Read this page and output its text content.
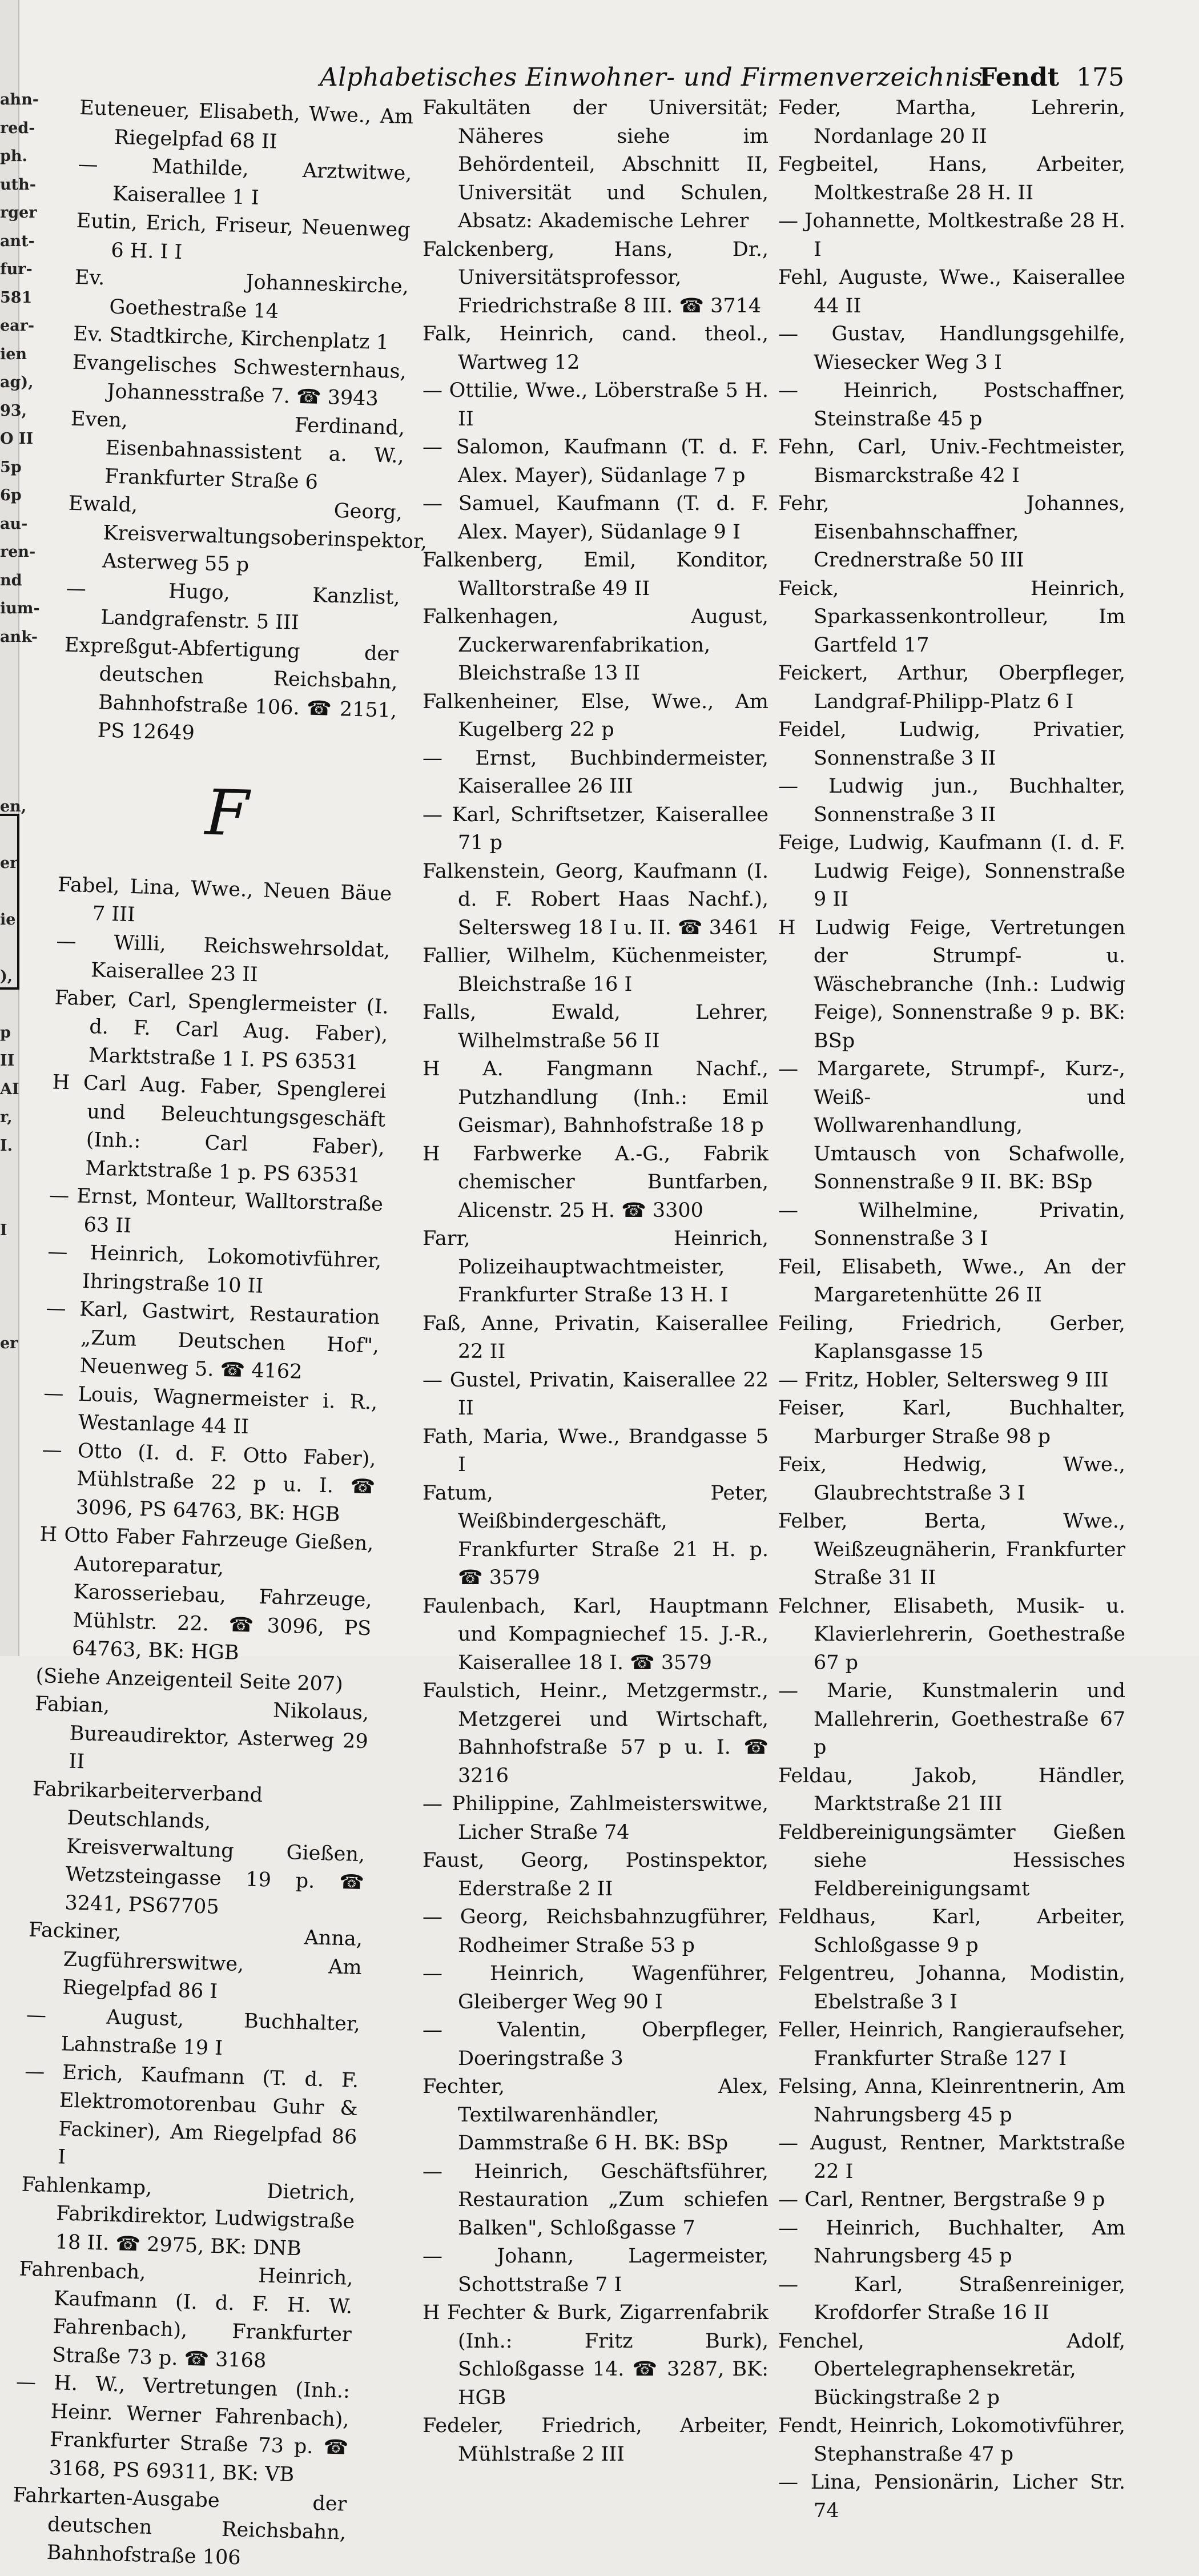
ahn-
red-
ph.
uth-
rger
ant-
fur-
581
ear-
ien
ag),
93,
O II
5p
6p
au-
ren-
nd
ium-
ank-
en,
er
ie
),
p
II
AI
r,
I.
I
er
Alphabetisches Einwohner- und Firmenverzeichnis
Fendt 175
Euteneuer, Elisabeth, Wwe., Am Riegelpfad 68 II
— Mathilde, Arztwitwe, Kaiserallee 1 I
Eutin, Erich, Friseur, Neuenweg 6 H. I I
Ev. Johanneskirche, Goethestraße 14
Ev. Stadtkirche, Kirchenplatz 1
Evangelisches Schwesternhaus, Johannesstraße 7. ☎ 3943
Even, Ferdinand, Eisenbahnassistent a. W., Frankfurter Straße 6
Ewald, Georg, Kreisverwaltungsoberinspektor, Asterweg 55 p
— Hugo, Kanzlist, Landgrafenstr. 5 III
Expreßgut-Abfertigung der deutschen Reichsbahn, Bahnhofstraße 106. ☎ 2151, PS 12649
F
Fabel, Lina, Wwe., Neuen Bäue 7 III
— Willi, Reichswehrsoldat, Kaiserallee 23 II
Faber, Carl, Spenglermeister (I. d. F. Carl Aug. Faber), Marktstraße 1 I. PS 63531
H Carl Aug. Faber, Spenglerei und Beleuchtungsgeschäft (Inh.: Carl Faber), Marktstraße 1 p. PS 63531
— Ernst, Monteur, Walltorstraße 63 II
— Heinrich, Lokomotivführer, Ihringstraße 10 II
— Karl, Gastwirt, Restauration „Zum Deutschen Hof", Neuenweg 5. ☎ 4162
— Louis, Wagnermeister i. R., Westanlage 44 II
— Otto (I. d. F. Otto Faber), Mühlstraße 22 p u. I. ☎ 3096, PS 64763, BK: HGB
H Otto Faber Fahrzeuge Gießen, Autoreparatur, Karosseriebau, Fahrzeuge, Mühlstr. 22. ☎3096, PS 64763, BK: HGB
(Siehe Anzeigenteil Seite 207)
Fabian, Nikolaus, Bureaudirektor, Asterweg 29 II
Fabrikarbeiterverband Deutschlands, Kreisverwaltung Gießen, Wetzsteingasse 19 p. ☎ 3241, PS67705
Fackiner, Anna, Zugführerswitwe, Am Riegelpfad 86 I
— August, Buchhalter, Lahnstraße 19 I
— Erich, Kaufmann (T. d. F. Elektromotorenbau Guhr & Fackiner), Am Riegelpfad 86 I
Fahlenkamp, Dietrich, Fabrikdirektor, Ludwigstraße 18 II. ☎ 2975, BK: DNB
Fahrenbach, Heinrich, Kaufmann (I. d. F. H. W. Fahrenbach), Frankfurter Straße 73 p. ☎ 3168
— H. W., Vertretungen (Inh.: Heinr. Werner Fahrenbach), Frankfurter Straße 73 p. ☎ 3168, PS 69311, BK: VB
Fahrkarten-Ausgabe der deutschen Reichsbahn, Bahnhofstraße 106
Fakultäten der Universität; Näheres siehe im Behördenteil, Abschnitt II, Universität und Schulen, Absatz: Akademische Lehrer
Falckenberg, Hans, Dr., Universitätsprofessor, Friedrichstraße 8 III. ☎ 3714
Falk, Heinrich, cand. theol., Wartweg 12
— Ottilie, Wwe., Löberstraße 5 H. II
— Salomon, Kaufmann (T. d. F. Alex. Mayer), Südanlage 7 p
— Samuel, Kaufmann (T. d. F. Alex. Mayer), Südanlage 9 I
Falkenberg, Emil, Konditor, Walltorstraße 49 II
Falkenhagen, August, Zuckerwarenfabrikation, Bleichstraße 13 II
Falkenheiner, Else, Wwe., Am Kugelberg 22 p
— Ernst, Buchbindermeister, Kaiserallee 26 III
— Karl, Schriftsetzer, Kaiserallee 71 p
Falkenstein, Georg, Kaufmann (I. d. F. Robert Haas Nachf.), Seltersweg 18 I u. II. ☎ 3461
Fallier, Wilhelm, Küchenmeister, Bleichstraße 16 I
Falls, Ewald, Lehrer, Wilhelmstraße 56 II
H A. Fangmann Nachf., Putzhandlung (Inh.: Emil Geismar), Bahnhofstraße 18 p
H Farbwerke A.-G., Fabrik chemischer Buntfarben, Alicenstr. 25 H. ☎ 3300
Farr, Heinrich, Polizeihauptwachtmeister, Frankfurter Straße 13 H. I
Faß, Anne, Privatin, Kaiserallee 22 II
— Gustel, Privatin, Kaiserallee 22 II
Fath, Maria, Wwe., Brandgasse 5 I
Fatum, Peter, Weißbindergeschäft, Frankfurter Straße 21 H. p. ☎ 3579
Faulenbach, Karl, Hauptmann und Kompagniechef 15. J.-R., Kaiserallee 18 I. ☎ 3579
Faulstich, Heinr., Metzgermstr., Metzgerei und Wirtschaft, Bahnhofstraße 57 p u. I. ☎ 3216
— Philippine, Zahlmeisterswitwe, Licher Straße 74
Faust, Georg, Postinspektor, Ederstraße 2 II
— Georg, Reichsbahnzugführer, Rodheimer Straße 53 p
— Heinrich, Wagenführer, Gleiberger Weg 90 I
— Valentin, Oberpfleger, Doeringstraße 3
Fechter, Alex, Textilwarenhändler, Dammstraße 6 H. BK: BSp
— Heinrich, Geschäftsführer, Restauration „Zum schiefen Balken", Schloßgasse 7
— Johann, Lagermeister, Schottstraße 7 I
H Fechter & Burk, Zigarrenfabrik (Inh.: Fritz Burk), Schloßgasse 14. ☎ 3287, BK: HGB
Fedeler, Friedrich, Arbeiter, Mühlstraße 2 III
Feder, Martha, Lehrerin, Nordanlage 20 II
Fegbeitel, Hans, Arbeiter, Moltkestraße 28 H. II
— Johannette, Moltkestraße 28 H. I
Fehl, Auguste, Wwe., Kaiserallee 44 II
— Gustav, Handlungsgehilfe, Wiesecker Weg 3 I
— Heinrich, Postschaffner, Steinstraße 45 p
Fehn, Carl, Univ.-Fechtmeister, Bismarckstraße 42 I
Fehr, Johannes, Eisenbahnschaffner, Crednerstraße 50 III
Feick, Heinrich, Sparkassenkontrolleur, Im Gartfeld 17
Feickert, Arthur, Oberpfleger, Landgraf-Philipp-Platz 6 I
Feidel, Ludwig, Privatier, Sonnenstraße 3 II
— Ludwig jun., Buchhalter, Sonnenstraße 3 II
Feige, Ludwig, Kaufmann (I. d. F. Ludwig Feige), Sonnenstraße 9 II
H Ludwig Feige, Vertretungen der Strumpf- u. Wäschebranche (Inh.: Ludwig Feige), Sonnenstraße 9 p. BK: BSp
— Margarete, Strumpf-, Kurz-, Weiß- und Wollwarenhandlung, Umtausch von Schafwolle, Sonnenstraße 9 II. BK: BSp
— Wilhelmine, Privatin, Sonnenstraße 3 I
Feil, Elisabeth, Wwe., An der Margaretenhütte 26 II
Feiling, Friedrich, Gerber, Kaplansgasse 15
— Fritz, Hobler, Seltersweg 9 III
Feiser, Karl, Buchhalter, Marburger Straße 98 p
Feix, Hedwig, Wwe., Glaubrechtstraße 3 I
Felber, Berta, Wwe., Weißzeugnäherin, Frankfurter Straße 31 II
Felchner, Elisabeth, Musik- u. Klavierlehrerin, Goethestraße 67 p
— Marie, Kunstmalerin und Mallehrerin, Goethestraße 67 p
Feldau, Jakob, Händler, Marktstraße 21 III
Feldbereinigungsämter Gießen siehe Hessisches Feldbereinigungsamt
Feldhaus, Karl, Arbeiter, Schloßgasse 9 p
Felgentreu, Johanna, Modistin, Ebelstraße 3 I
Feller, Heinrich, Rangieraufseher, Frankfurter Straße 127 I
Felsing, Anna, Kleinrentnerin, Am Nahrungsberg 45 p
— August, Rentner, Marktstraße 22 I
— Carl, Rentner, Bergstraße 9 p
— Heinrich, Buchhalter, Am Nahrungsberg 45 p
— Karl, Straßenreiniger, Krofdorfer Straße 16 II
Fenchel, Adolf, Obertelegraphensekretär, Bückingstraße 2 p
Fendt, Heinrich, Lokomotivführer, Stephanstraße 47 p
— Lina, Pensionärin, Licher Str. 74
